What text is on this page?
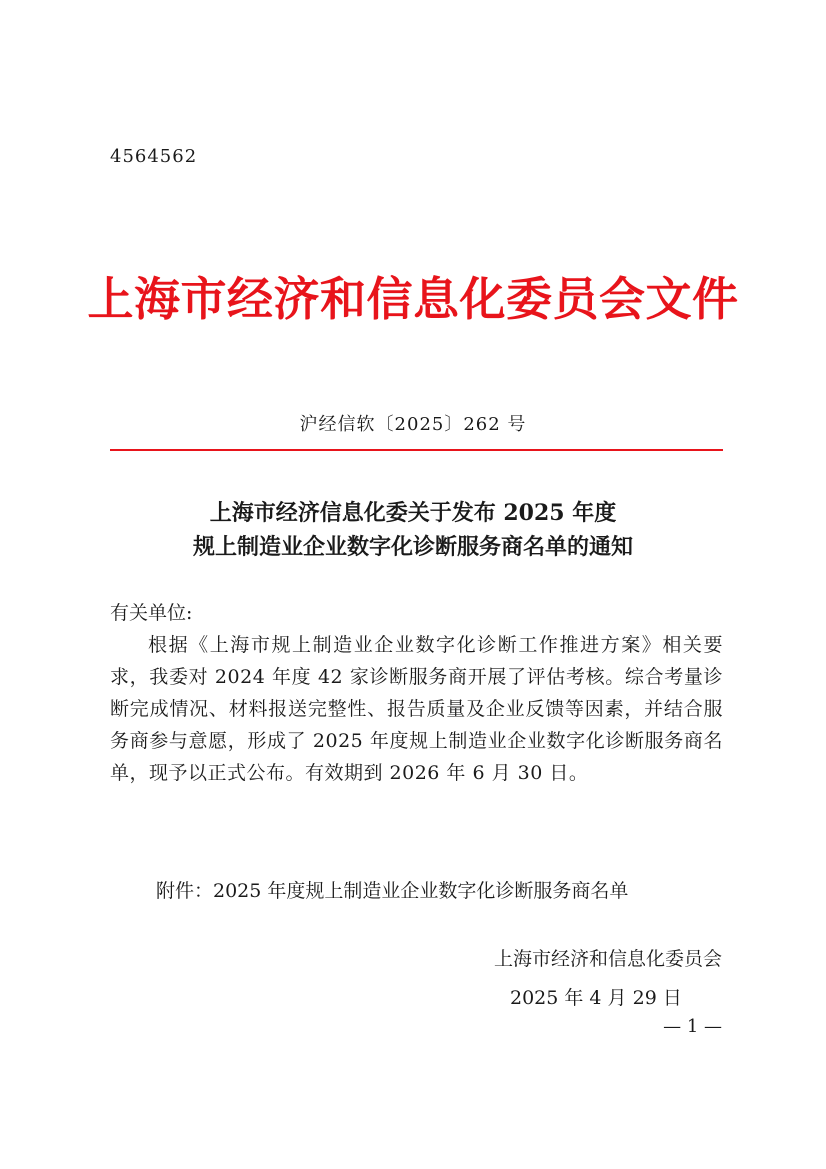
4564562
上海市经济和信息化委员会文件
沪经信软〔2025〕262 号
上海市经济信息化委关于发布 2025 年度
规上制造业企业数字化诊断服务商名单的通知
有关单位:
根据《上海市规上制造业企业数字化诊断工作推进方案》相关要求，我委对 2024 年度 42 家诊断服务商开展了评估考核。综合考量诊断完成情况、材料报送完整性、报告质量及企业反馈等因素，并结合服务商参与意愿，形成了 2025 年度规上制造业企业数字化诊断服务商名单，现予以正式公布。有效期到 2026 年 6 月 30 日。
附件：2025 年度规上制造业企业数字化诊断服务商名单
上海市经济和信息化委员会
2025 年 4 月 29 日
— 1 —
